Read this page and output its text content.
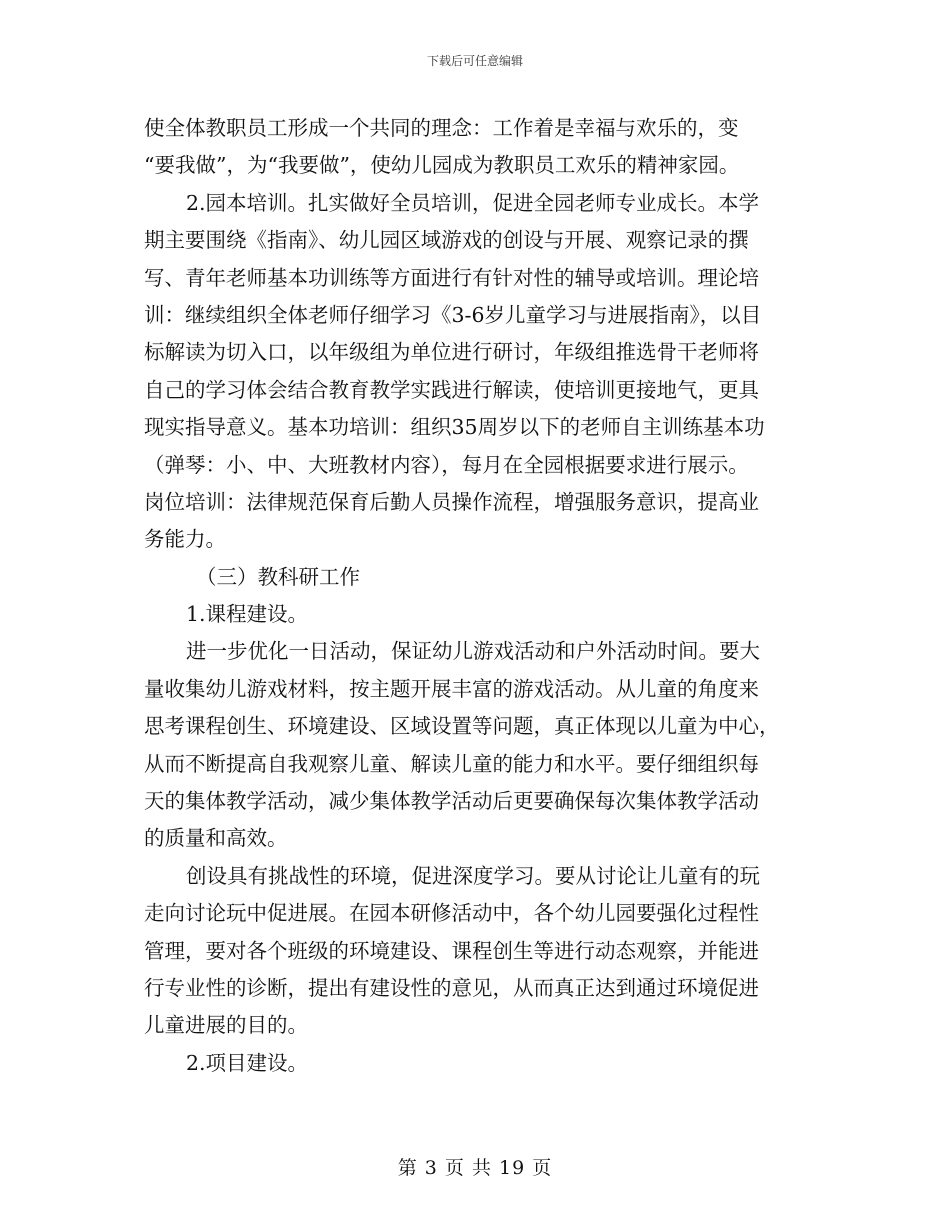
下载后可任意编辑
使全体教职员工形成一个共同的理念：工作着是幸福与欢乐的，变
“要我做”，为“我要做”，使幼儿园成为教职员工欢乐的精神家园。
2.园本培训。扎实做好全员培训，促进全园老师专业成长。本学
期主要围绕《指南》、幼儿园区域游戏的创设与开展、观察记录的撰
写、青年老师基本功训练等方面进行有针对性的辅导或培训。理论培
训：继续组织全体老师仔细学习《3-6岁儿童学习与进展指南》，以目
标解读为切入口，以年级组为单位进行研讨，年级组推选骨干老师将
自己的学习体会结合教育教学实践进行解读，使培训更接地气，更具
现实指导意义。基本功培训：组织35周岁以下的老师自主训练基本功
（弹琴：小、中、大班教材内容），每月在全园根据要求进行展示。
岗位培训：法律规范保育后勤人员操作流程，增强服务意识，提高业
务能力。
（三）教科研工作
1.课程建设。
进一步优化一日活动，保证幼儿游戏活动和户外活动时间。要大
量收集幼儿游戏材料，按主题开展丰富的游戏活动。从儿童的角度来
思考课程创生、环境建设、区域设置等问题，真正体现以儿童为中心，
从而不断提高自我观察儿童、解读儿童的能力和水平。要仔细组织每
天的集体教学活动，减少集体教学活动后更要确保每次集体教学活动
的质量和高效。
创设具有挑战性的环境，促进深度学习。要从讨论让儿童有的玩
走向讨论玩中促进展。在园本研修活动中，各个幼儿园要强化过程性
管理，要对各个班级的环境建设、课程创生等进行动态观察，并能进
行专业性的诊断，提出有建设性的意见，从而真正达到通过环境促进
儿童进展的目的。
2.项目建设。
第 3 页 共 19 页
